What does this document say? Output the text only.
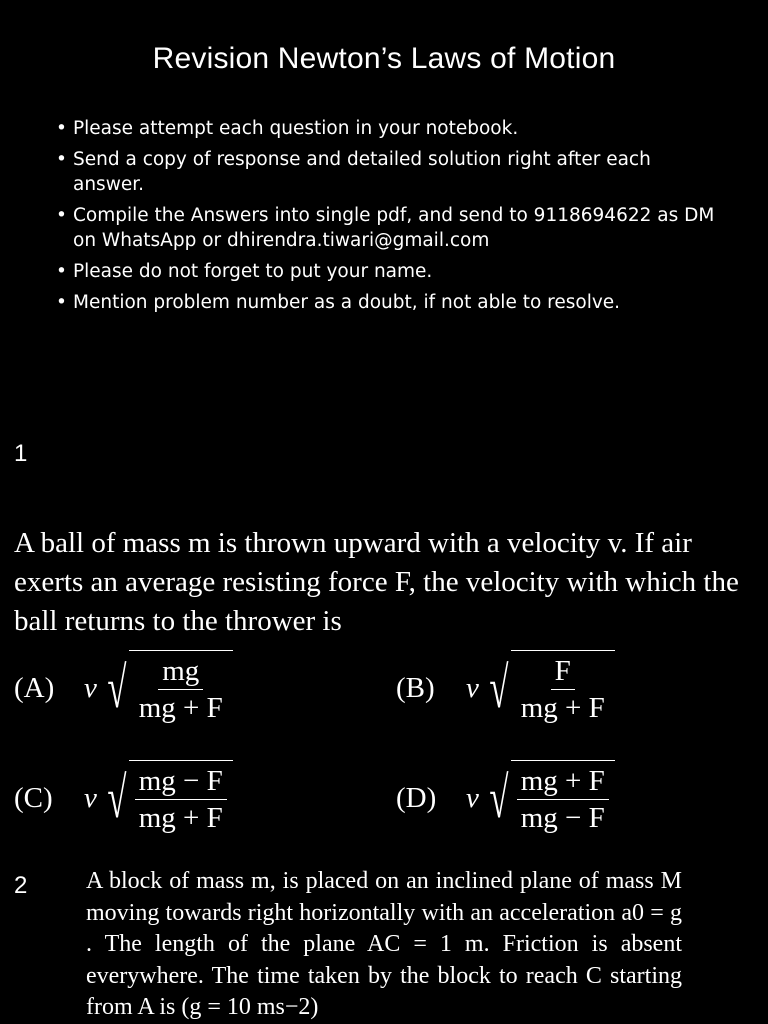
Revision Newton’s Laws of Motion
• Please attempt each question in your notebook.
• Send a copy of response and detailed solution right after each answer.
• Compile the Answers into single pdf, and send to 9118694622 as DM on WhatsApp or dhirendra.tiwari@gmail.com
• Please do not forget to put your name.
• Mention problem number as a doubt, if not able to resolve.
1
A ball of mass m is thrown upward with a velocity v. If air exerts an average resisting force F, the velocity with which the ball returns to the thrower is
(A)	v √ $\frac{mg}{mg + F}$	(B)	v √ $\frac{F}{mg + F}$
(C)	v √ $\frac{mg - F}{mg + F}$	(D)	v √ $\frac{mg + F}{mg - F}$
2 A block of mass m, is placed on an inclined plane of mass M moving towards right horizontally with an acceleration a0 = g . The length of the plane AC = 1 m. Friction is absent everywhere. The time taken by the block to reach C starting from A is (g = 10 ms−2)
